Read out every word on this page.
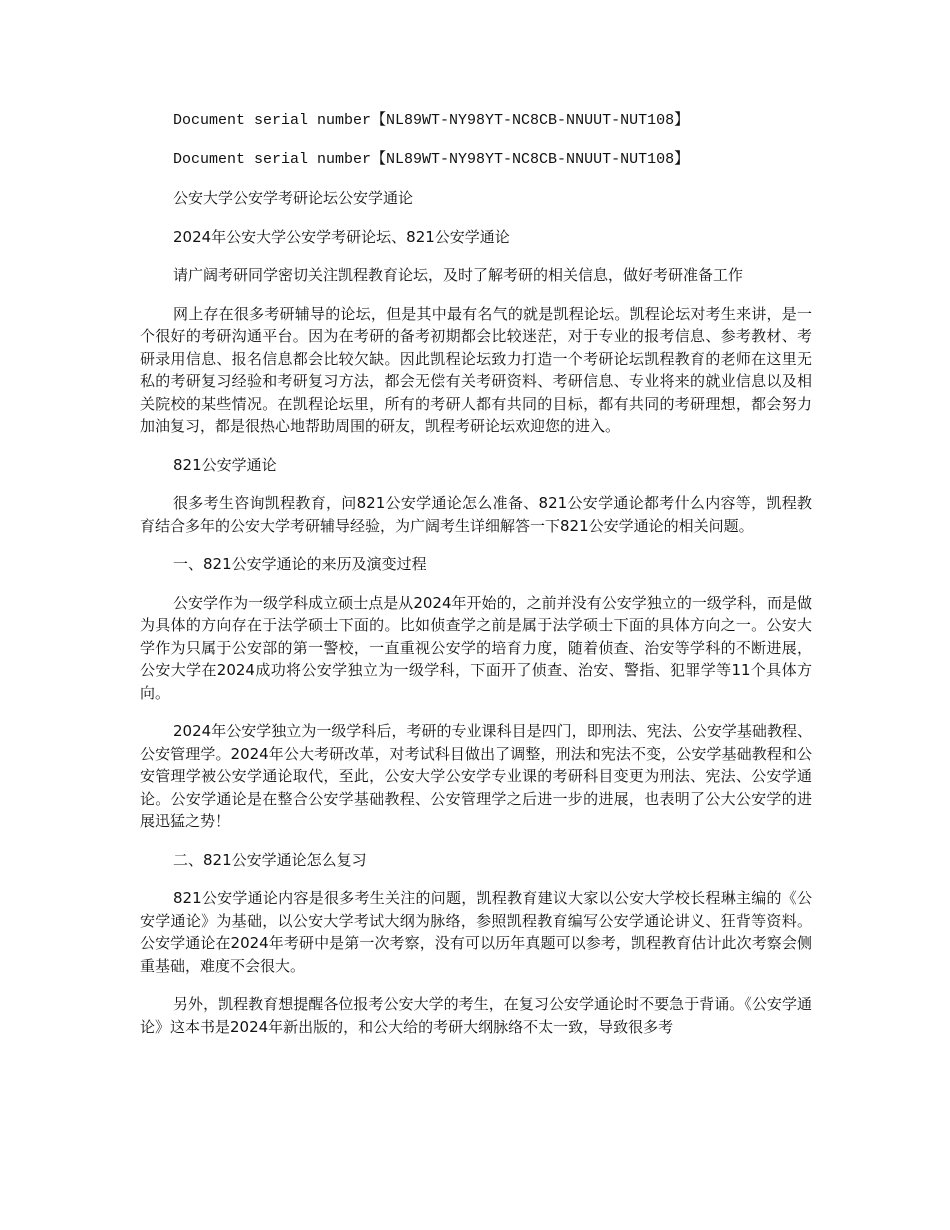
Document serial number【NL89WT-NY98YT-NC8CB-NNUUT-NUT108】

Document serial number【NL89WT-NY98YT-NC8CB-NNUUT-NUT108】

公安大学公安学考研论坛公安学通论

2024年公安大学公安学考研论坛、821公安学通论

请广阔考研同学密切关注凯程教育论坛，及时了解考研的相关信息，做好考研准备工作

网上存在很多考研辅导的论坛，但是其中最有名气的就是凯程论坛。凯程论坛对考生来讲，是一个很好的考研沟通平台。因为在考研的备考初期都会比较迷茫，对于专业的报考信息、参考教材、考研录用信息、报名信息都会比较欠缺。因此凯程论坛致力打造一个考研论坛凯程教育的老师在这里无私的考研复习经验和考研复习方法，都会无偿有关考研资料、考研信息、专业将来的就业信息以及相关院校的某些情况。在凯程论坛里，所有的考研人都有共同的目标，都有共同的考研理想，都会努力加油复习，都是很热心地帮助周围的研友，凯程考研论坛欢迎您的进入。

821公安学通论

很多考生咨询凯程教育，问821公安学通论怎么准备、821公安学通论都考什么内容等，凯程教育结合多年的公安大学考研辅导经验，为广阔考生详细解答一下821公安学通论的相关问题。

一、821公安学通论的来历及演变过程

公安学作为一级学科成立硕士点是从2024年开始的，之前并没有公安学独立的一级学科，而是做为具体的方向存在于法学硕士下面的。比如侦查学之前是属于法学硕士下面的具体方向之一。公安大学作为只属于公安部的第一警校，一直重视公安学的培育力度，随着侦查、治安等学科的不断进展，公安大学在2024成功将公安学独立为一级学科，下面开了侦查、治安、警指、犯罪学等11个具体方向。

2024年公安学独立为一级学科后，考研的专业课科目是四门，即刑法、宪法、公安学基础教程、公安管理学。2024年公大考研改革，对考试科目做出了调整，刑法和宪法不变，公安学基础教程和公安管理学被公安学通论取代，至此，公安大学公安学专业课的考研科目变更为刑法、宪法、公安学通论。公安学通论是在整合公安学基础教程、公安管理学之后进一步的进展，也表明了公大公安学的进展迅猛之势！

二、821公安学通论怎么复习

821公安学通论内容是很多考生关注的问题，凯程教育建议大家以公安大学校长程琳主编的《公安学通论》为基础，以公安大学考试大纲为脉络，参照凯程教育编写公安学通论讲义、狂背等资料。公安学通论在2024年考研中是第一次考察，没有可以历年真题可以参考，凯程教育估计此次考察会侧重基础，难度不会很大。

另外，凯程教育想提醒各位报考公安大学的考生，在复习公安学通论时不要急于背诵。《公安学通论》这本书是2024年新出版的，和公大给的考研大纲脉络不太一致，导致很多考
